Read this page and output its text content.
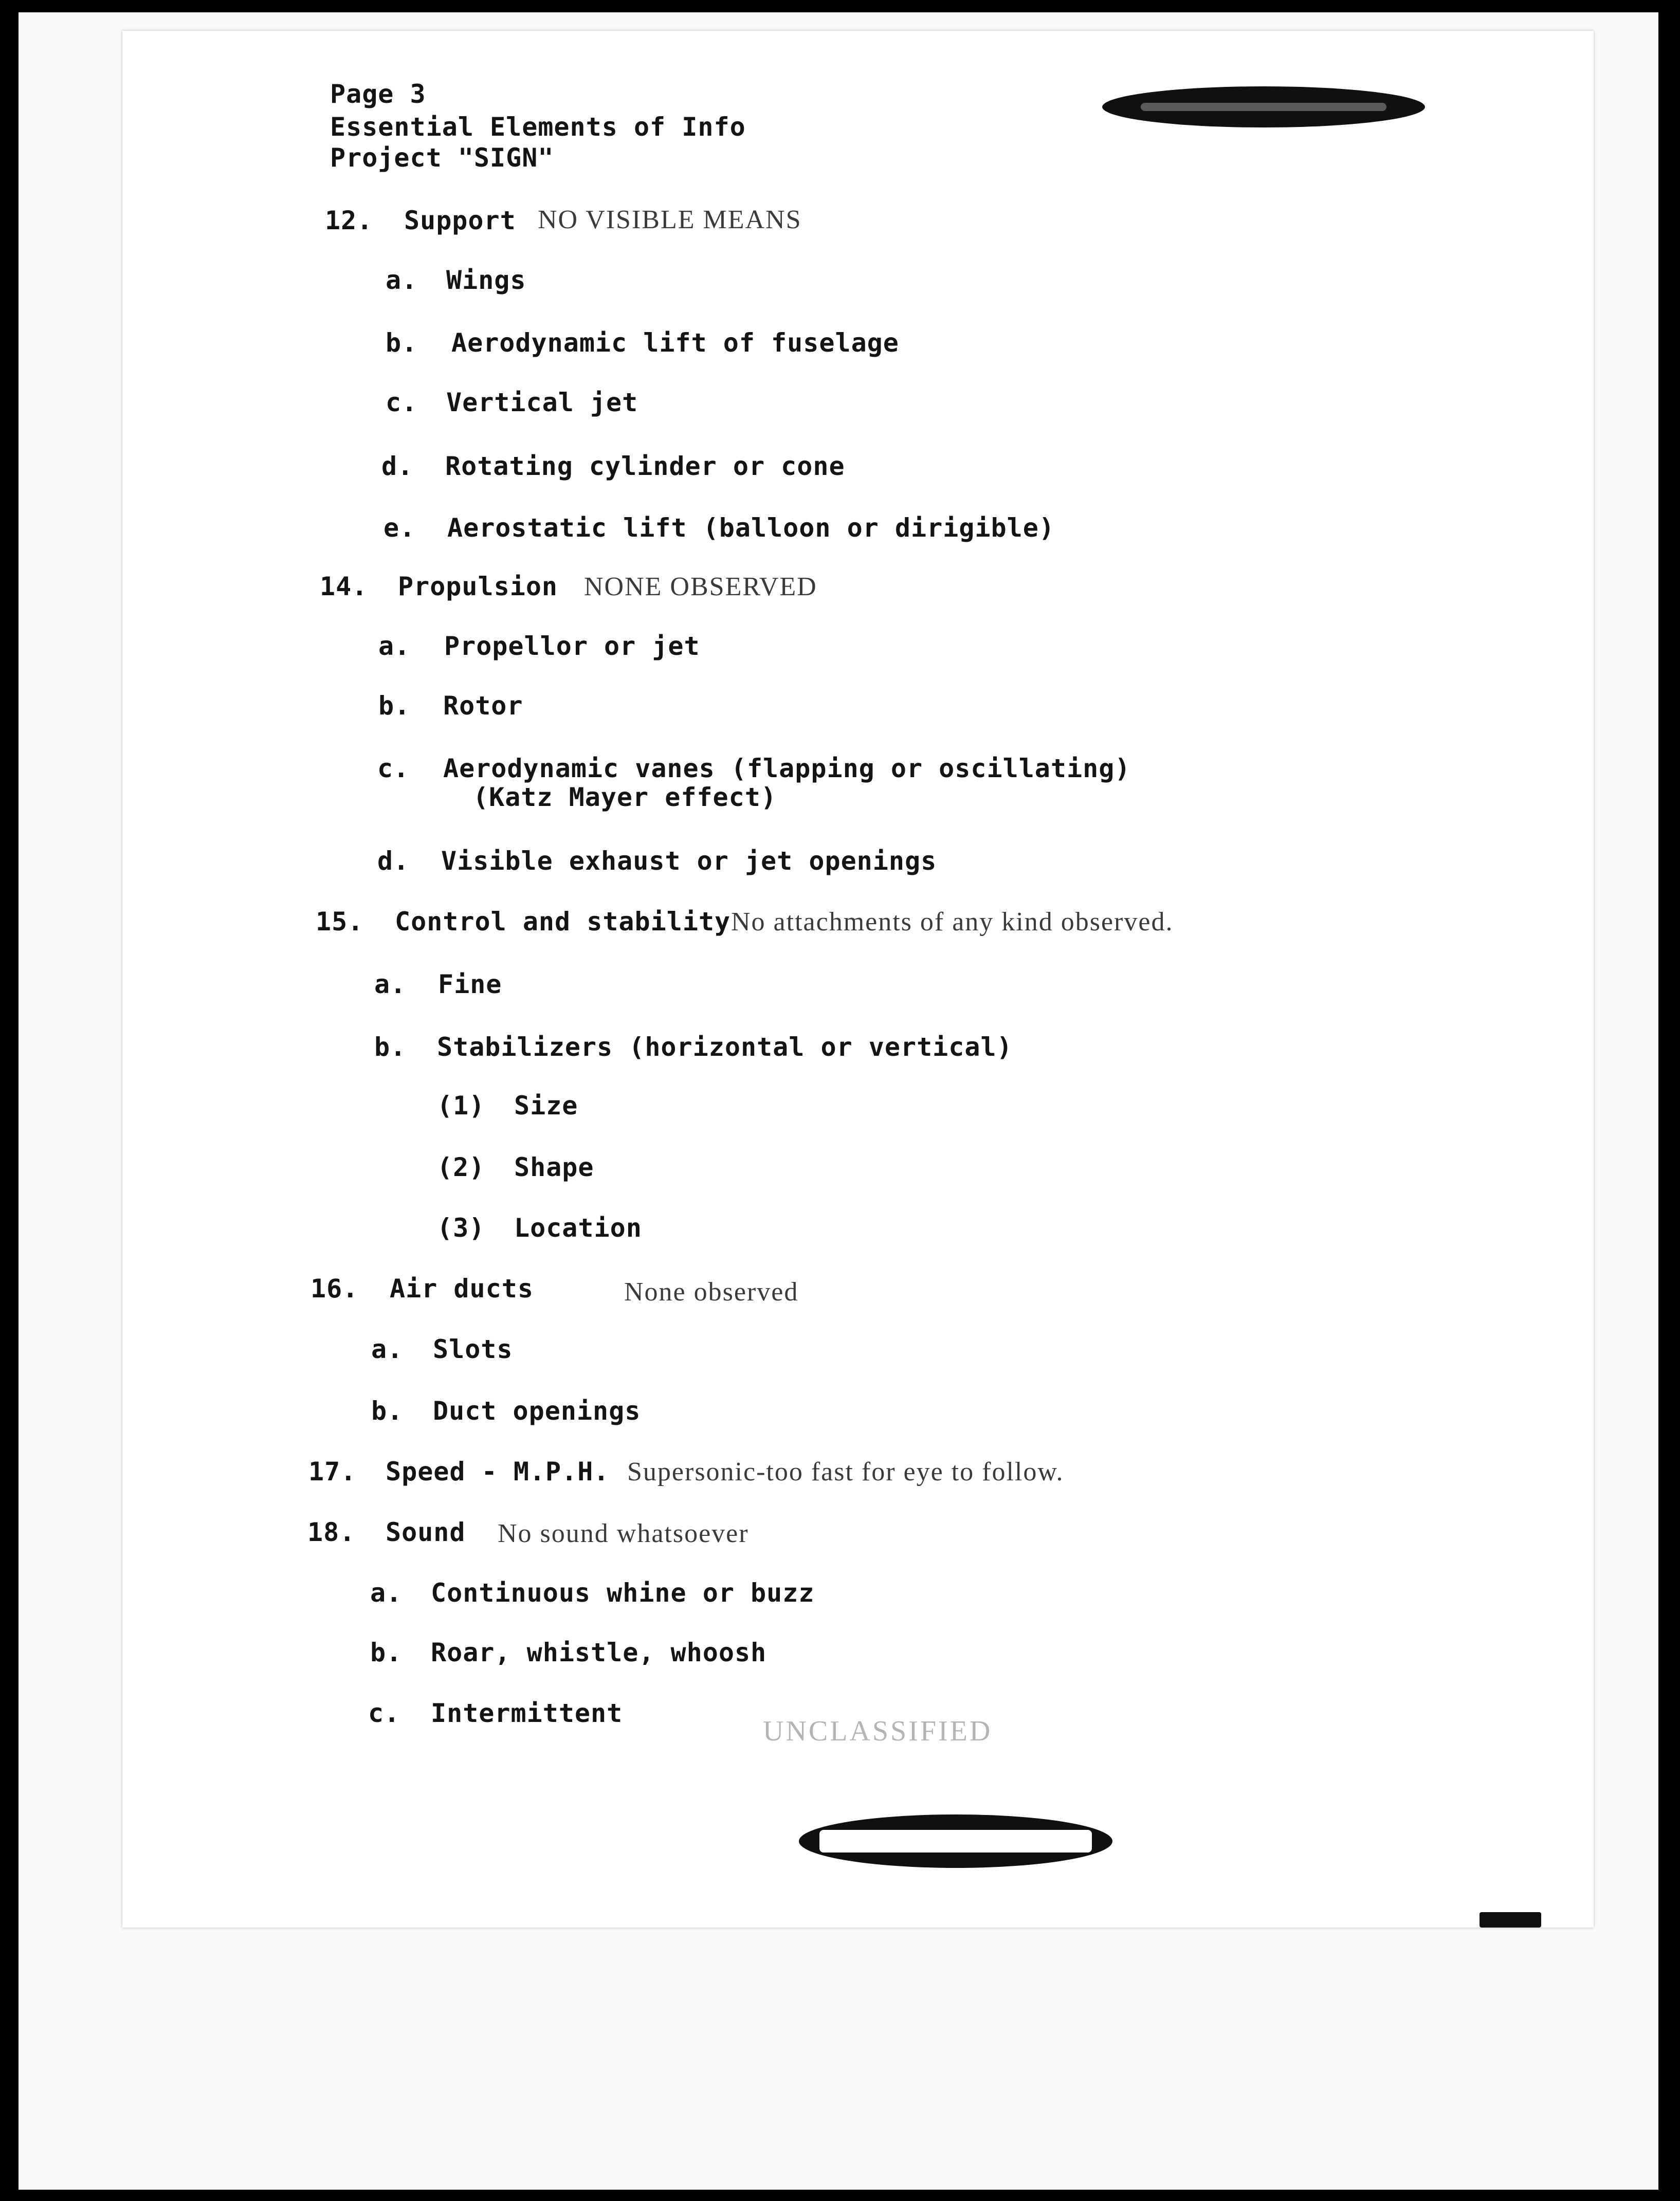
Page 3
Essential Elements of Info
Project "SIGN"
12. Support NO VISIBLE MEANS
a. Wings
b. Aerodynamic lift of fuselage
c. Vertical jet
d. Rotating cylinder or cone
e. Aerostatic lift (balloon or dirigible)
14. Propulsion NONE OBSERVED
a. Propellor or jet
b. Rotor
c. Aerodynamic vanes (flapping or oscillating)
(Katz Mayer effect)
d. Visible exhaust or jet openings
15. Control and stability No attachments of any kind observed.
a. Fine
b. Stabilizers (horizontal or vertical)
(1) Size
(2) Shape
(3) Location
16. Air ducts	None observed
a. Slots
b. Duct openings
17. Speed - M.P.H. Supersonic-too fast for eye to follow.
18. Sound No sound whatsoever
a. Continuous whine or buzz
b. Roar, whistle, whoosh
c. Intermittent
UNCLASSIFIED
